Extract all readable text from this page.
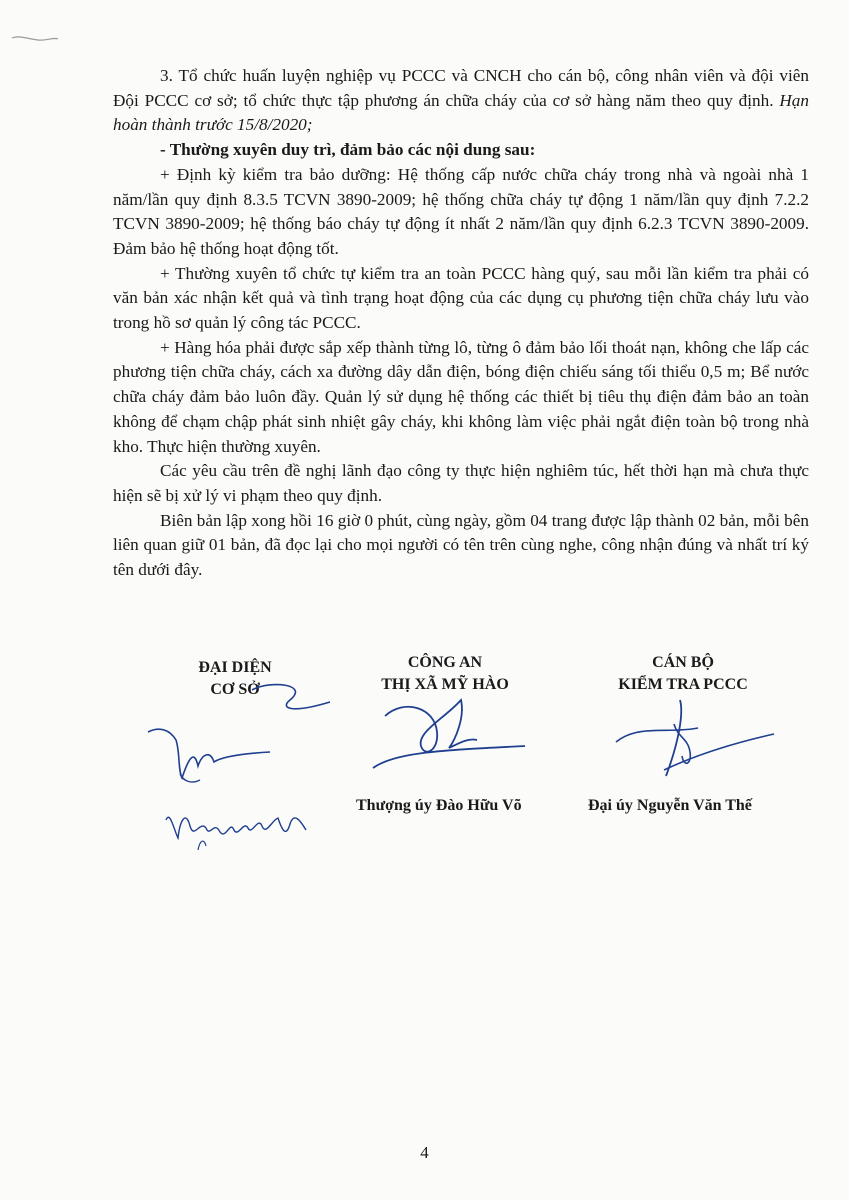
3. Tổ chức huấn luyện nghiệp vụ PCCC và CNCH cho cán bộ, công nhân viên và đội viên Đội PCCC cơ sở; tổ chức thực tập phương án chữa cháy của cơ sở hàng năm theo quy định. Hạn hoàn thành trước 15/8/2020;

- Thường xuyên duy trì, đảm bảo các nội dung sau:

+ Định kỳ kiểm tra bảo dưỡng: Hệ thống cấp nước chữa cháy trong nhà và ngoài nhà 1 năm/lần quy định 8.3.5 TCVN 3890-2009; hệ thống chữa cháy tự động 1 năm/lần quy định 7.2.2 TCVN 3890-2009; hệ thống báo cháy tự động ít nhất 2 năm/lần quy định 6.2.3 TCVN 3890-2009. Đảm bảo hệ thống hoạt động tốt.

+ Thường xuyên tổ chức tự kiểm tra an toàn PCCC hàng quý, sau mỗi lần kiểm tra phải có văn bản xác nhận kết quả và tình trạng hoạt động của các dụng cụ phương tiện chữa cháy lưu vào trong hồ sơ quản lý công tác PCCC.

+ Hàng hóa phải được sắp xếp thành từng lô, từng ô đảm bảo lối thoát nạn, không che lấp các phương tiện chữa cháy, cách xa đường dây dẫn điện, bóng điện chiếu sáng tối thiểu 0,5 m; Bể nước chữa cháy đảm bảo luôn đầy. Quản lý sử dụng hệ thống các thiết bị tiêu thụ điện đảm bảo an toàn không để chạm chập phát sinh nhiệt gây cháy, khi không làm việc phải ngắt điện toàn bộ trong nhà kho. Thực hiện thường xuyên.

Các yêu cầu trên đề nghị lãnh đạo công ty thực hiện nghiêm túc, hết thời hạn mà chưa thực hiện sẽ bị xử lý vi phạm theo quy định.

Biên bản lập xong hồi 16 giờ 0 phút, cùng ngày, gồm 04 trang được lập thành 02 bản, mỗi bên liên quan giữ 01 bản, đã đọc lại cho mọi người có tên trên cùng nghe, công nhận đúng và nhất trí ký tên dưới đây.

ĐẠI DIỆN
CƠ SỞ
CÔNG AN
THỊ XÃ MỸ HÀO
Thượng úy Đào Hữu Võ
CÁN BỘ
KIỂM TRA PCCC
Đại úy Nguyễn Văn Thế
4
